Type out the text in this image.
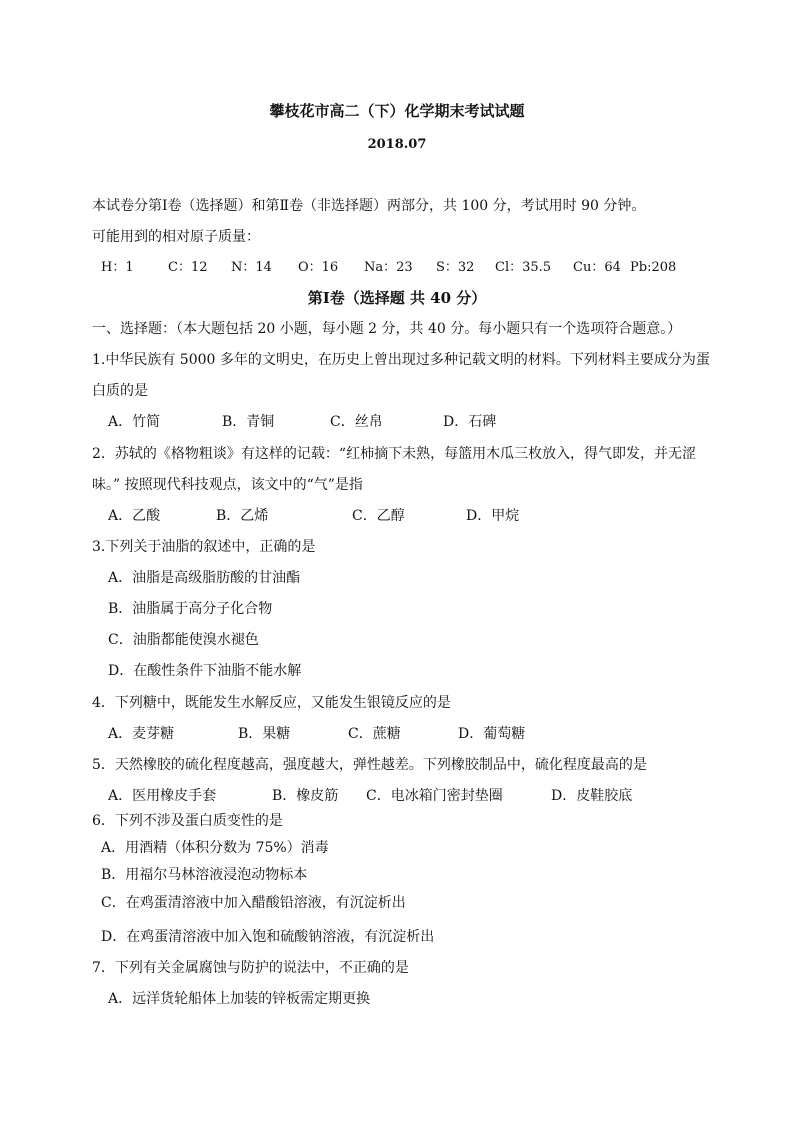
攀枝花市高二（下）化学期末考试试题
2018.07
本试卷分第Ⅰ卷（选择题）和第Ⅱ卷（非选择题）两部分，共 100 分，考试用时 90 分钟。
可能用到的相对原子质量：
H：1	C：12 N：14 O：16 Na：23 S：32 Cl：35.5 Cu：64 Pb:208
第Ⅰ卷（选择题 共 40 分）
一、选择题：（本大题包括 20 小题，每小题 2 分，共 40 分。每小题只有一个选项符合题意。）
1.中华民族有 5000 多年的文明史，在历史上曾出现过多种记载文明的材料。下列材料主要成分为蛋
白质的是
A．竹简	B．青铜	C．丝帛	D．石碑
2．苏轼的《格物粗谈》有这样的记载：“红柿摘下未熟，每篮用木瓜三枚放入，得气即发，并无涩
味。” 按照现代科技观点，该文中的“气”是指
A．乙酸	B．乙烯	C．乙醇	D．甲烷
3.下列关于油脂的叙述中，正确的是
A．油脂是高级脂肪酸的甘油酯
B．油脂属于高分子化合物
C．油脂都能使溴水褪色
D．在酸性条件下油脂不能水解
4．下列糖中，既能发生水解反应，又能发生银镜反应的是
A．麦芽糖	B．果糖	C．蔗糖	D．葡萄糖
5．天然橡胶的硫化程度越高，强度越大，弹性越差。下列橡胶制品中，硫化程度最高的是
A．医用橡皮手套	B．橡皮筋 C．电冰箱门密封垫圈	D．皮鞋胶底
6．下列不涉及蛋白质变性的是
A．用酒精（体积分数为 75%）消毒
B．用福尔马林溶液浸泡动物标本
C．在鸡蛋清溶液中加入醋酸铅溶液，有沉淀析出
D．在鸡蛋清溶液中加入饱和硫酸钠溶液，有沉淀析出
7．下列有关金属腐蚀与防护的说法中，不正确的是
A．远洋货轮船体上加装的锌板需定期更换
